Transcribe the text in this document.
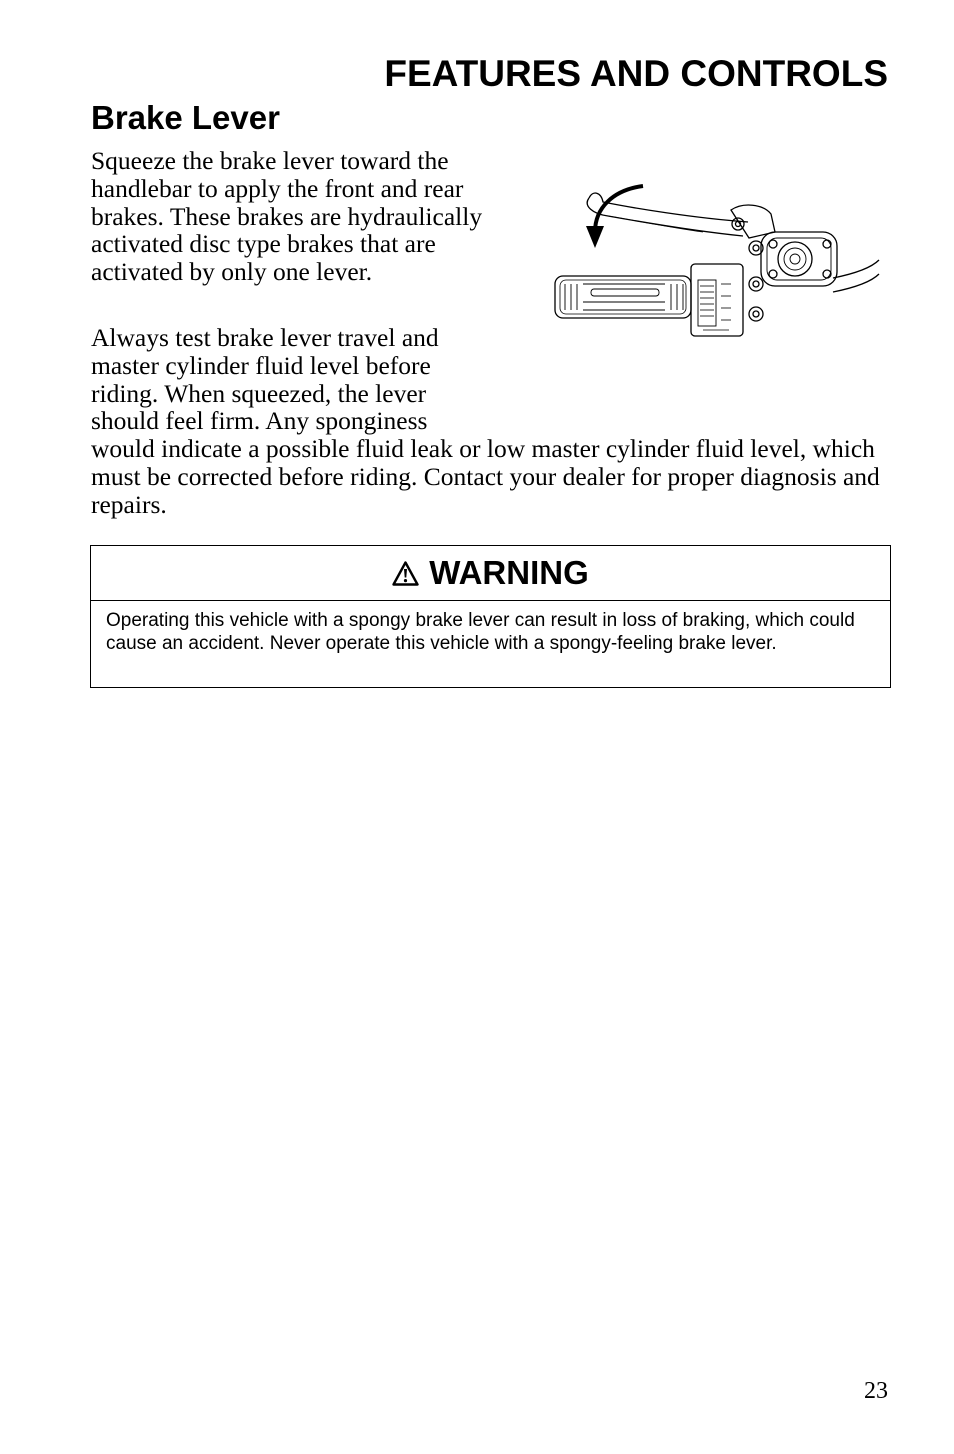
FEATURES AND CONTROLS
Brake Lever

Squeeze the brake lever toward the handlebar to apply the front and rear brakes. These brakes are hydraulically activated disc type brakes that are activated by only one lever.

Always test brake lever travel and master cylinder fluid level before riding. When squeezed, the lever should feel firm. Any sponginess
would indicate a possible fluid leak or low master cylinder fluid level, which must be corrected before riding. Contact your dealer for proper diagnosis and repairs.
WARNING
Operating this vehicle with a spongy brake lever can result in loss of braking, which could cause an accident. Never operate this vehicle with a spongy-feeling brake lever.
23
